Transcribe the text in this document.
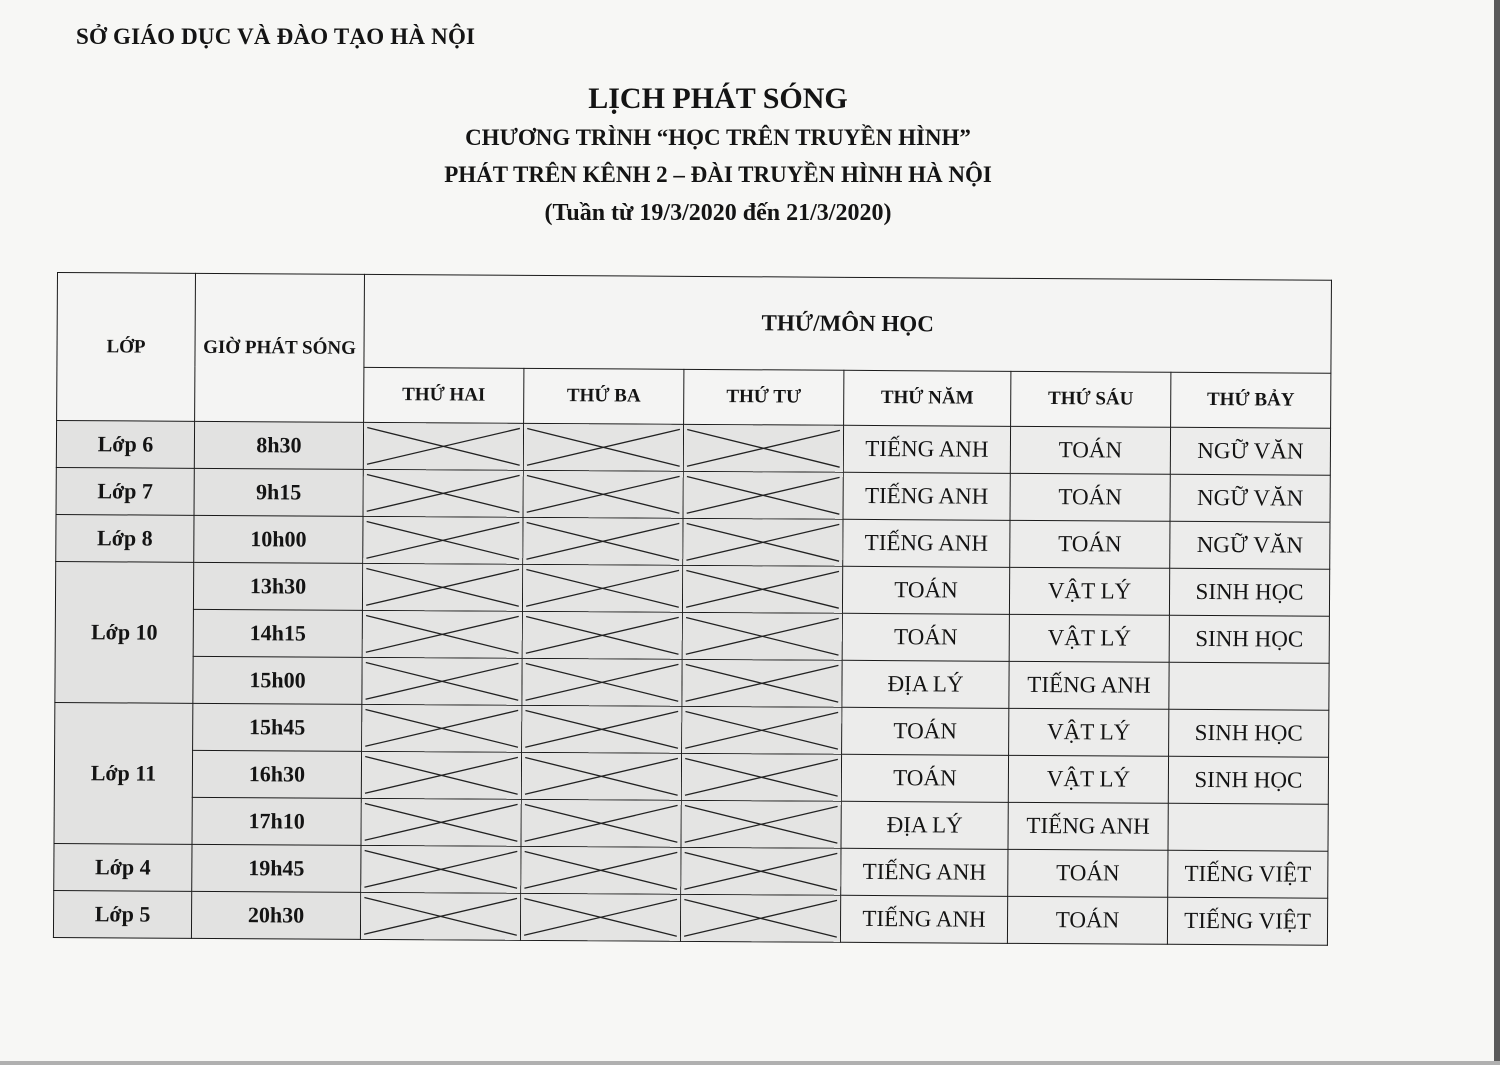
SỞ GIÁO DỤC VÀ ĐÀO TẠO HÀ NỘI
LỊCH PHÁT SÓNG
CHƯƠNG TRÌNH “HỌC TRÊN TRUYỀN HÌNH”
PHÁT TRÊN KÊNH 2 – ĐÀI TRUYỀN HÌNH HÀ NỘI
(Tuần từ 19/3/2020 đến 21/3/2020)
LỚP	GIỜ PHÁT SÓNG	THỨ/MÔN HỌC					
		THỨ HAI	THỨ BA	THỨ TƯ	THỨ NĂM	THỨ SÁU	THỨ BẢY
Lớp 6	8h30				TIẾNG ANH	TOÁN	NGỮ VĂN
Lớp 7	9h15				TIẾNG ANH	TOÁN	NGỮ VĂN
Lớp 8	10h00				TIẾNG ANH	TOÁN	NGỮ VĂN
Lớp 10	13h30				TOÁN	VẬT LÝ	SINH HỌC
	14h15				TOÁN	VẬT LÝ	SINH HỌC
	15h00				ĐỊA LÝ	TIẾNG ANH	
Lớp 11	15h45				TOÁN	VẬT LÝ	SINH HỌC
	16h30				TOÁN	VẬT LÝ	SINH HỌC
	17h10				ĐỊA LÝ	TIẾNG ANH	
Lớp 4	19h45				TIẾNG ANH	TOÁN	TIẾNG VIỆT
Lớp 5	20h30				TIẾNG ANH	TOÁN	TIẾNG VIỆT
